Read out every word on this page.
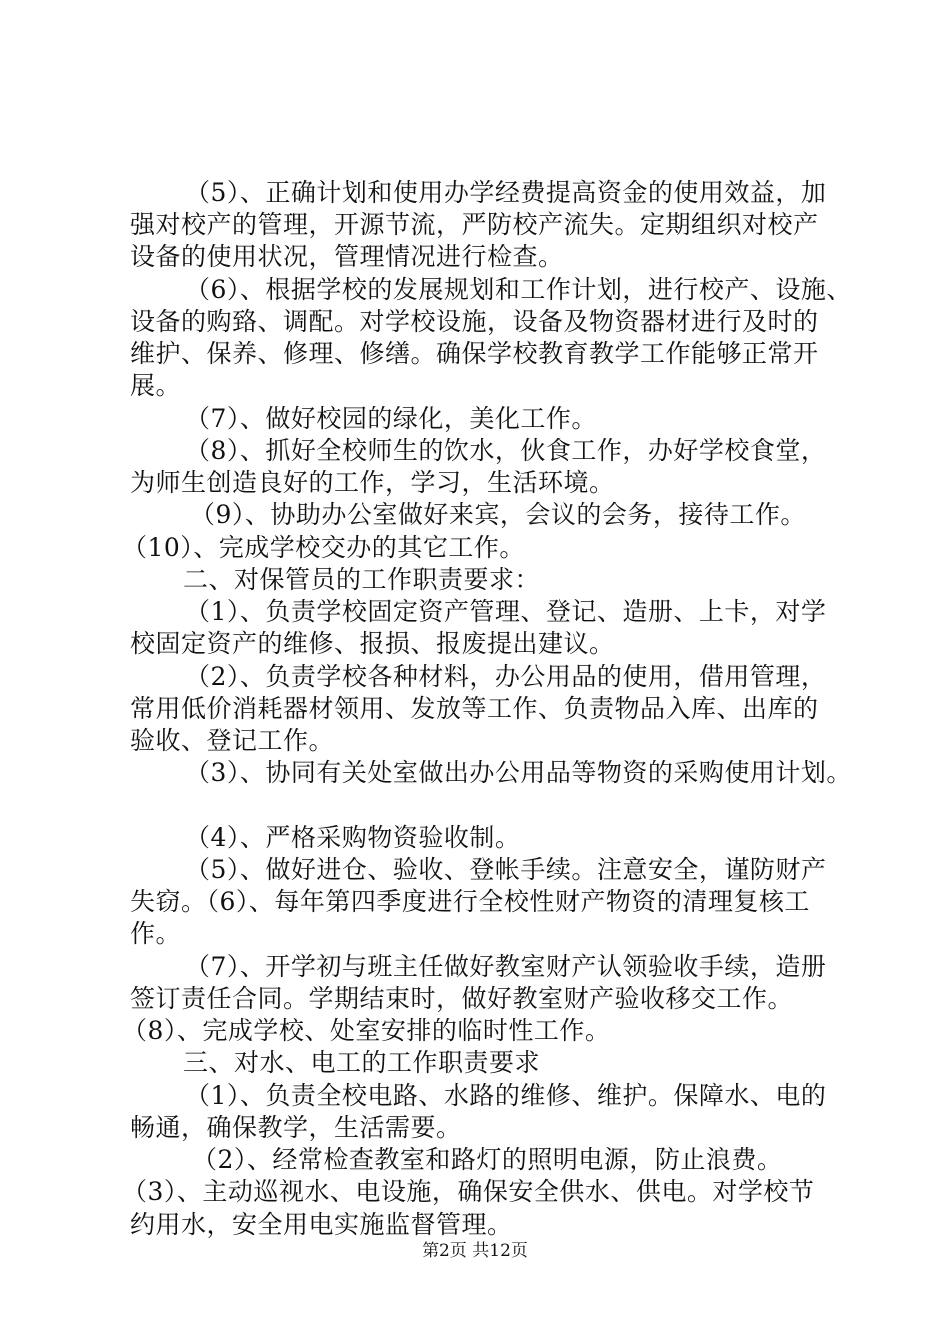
（5）、正确计划和使用办学经费提高资金的使用效益，加
强对校产的管理，开源节流，严防校产流失。定期组织对校产
设备的使用状况，管理情况进行检查。
（6）、根据学校的发展规划和工作计划，进行校产、设施、
设备的购臵、调配。对学校设施，设备及物资器材进行及时的
维护、保养、修理、修缮。确保学校教育教学工作能够正常开
展。
（7）、做好校园的绿化，美化工作。
（8）、抓好全校师生的饮水，伙食工作，办好学校食堂，
为师生创造良好的工作，学习，生活环境。
（9）、协助办公室做好来宾，会议的会务，接待工作。
（10）、完成学校交办的其它工作。
二、对保管员的工作职责要求：
（1）、负责学校固定资产管理、登记、造册、上卡，对学
校固定资产的维修、报损、报废提出建议。
（2）、负责学校各种材料，办公用品的使用，借用管理，
常用低价消耗器材领用、发放等工作、负责物品入库、出库的
验收、登记工作。
（3）、协同有关处室做出办公用品等物资的采购使用计划。
（4）、严格采购物资验收制。
（5）、做好进仓、验收、登帐手续。注意安全，谨防财产
失窃。（6）、每年第四季度进行全校性财产物资的清理复核工
作。
（7）、开学初与班主任做好教室财产认领验收手续，造册
签订责任合同。学期结束时，做好教室财产验收移交工作。
（8）、完成学校、处室安排的临时性工作。
三、对水、电工的工作职责要求
（1）、负责全校电路、水路的维修、维护。保障水、电的
畅通，确保教学，生活需要。
（2）、经常检查教室和路灯的照明电源，防止浪费。
（3）、主动巡视水、电设施，确保安全供水、供电。对学校节
约用水，安全用电实施监督管理。
第2页 共12页
